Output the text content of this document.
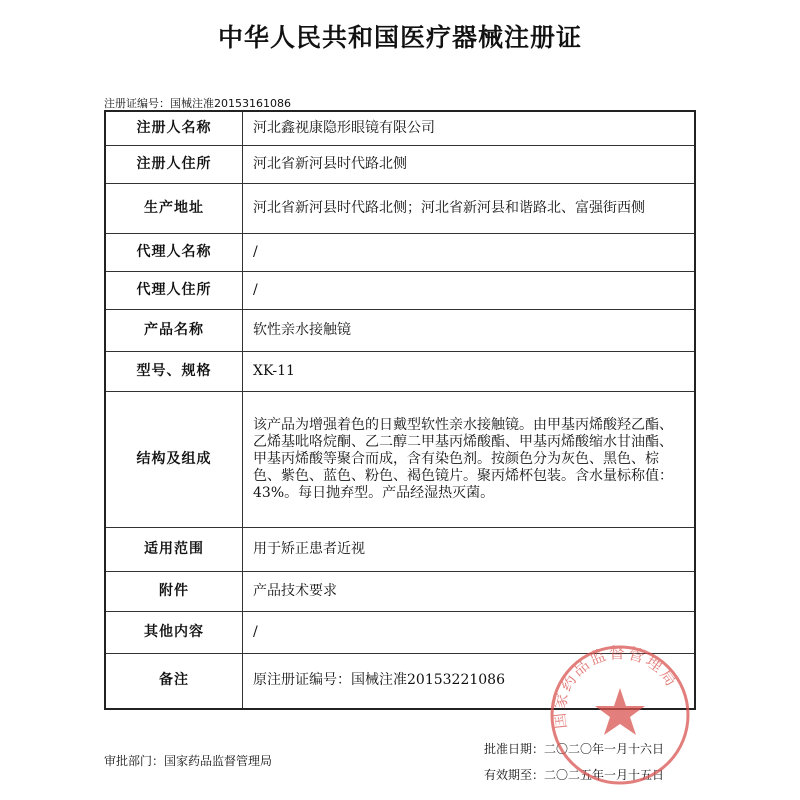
中华人民共和国医疗器械注册证
注册证编号：国械注准20153161086
注册人名称	河北鑫视康隐形眼镜有限公司
注册人住所	河北省新河县时代路北侧
生产地址	河北省新河县时代路北侧；河北省新河县和谐路北、富强街西侧
代理人名称	/
代理人住所	/
产品名称	软性亲水接触镜
型号、规格	XK-11
结构及组成	该产品为增强着色的日戴型软性亲水接触镜。由甲基丙烯酸羟乙酯、乙烯基吡咯烷酮、乙二醇二甲基丙烯酸酯、甲基丙烯酸缩水甘油酯、甲基丙烯酸等聚合而成，含有染色剂。按颜色分为灰色、黑色、棕色、紫色、蓝色、粉色、褐色镜片。聚丙烯杯包装。含水量标称值：43%。每日抛弃型。产品经湿热灭菌。
适用范围	用于矫正患者近视
附件	产品技术要求
其他内容	/
备注	原注册证编号：国械注准20153221086
审批部门：国家药品监督管理局
批准日期：二〇二〇年一月十六日
有效期至：二〇二五年一月十五日
国家药品监督管理局
